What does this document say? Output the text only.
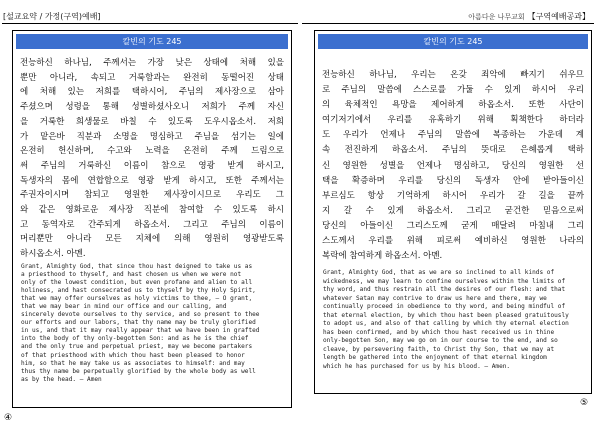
[설교요약 / 가정(구역)예배]
칼빈의 기도 245

전능하신 하나님, 주께서는 가장 낮은 상태에 처해 있을

뿐만 아니라, 속되고 거룩함과는 완전히 동떨어진 상태

에 처해 있는 저희를 택하시어, 주님의 제사장으로 삼아

주셨으며 성령을 통해 성별하셨사오니 저희가 주께 자신

을 거룩한 희생물로 바칠 수 있도록 도우시옵소서. 저희

가 맡은바 직분과 소명을 명심하고 주님을 섬기는 일에

온전히 헌신하며, 수고와 노력을 온전히 주께 드림으로

써 주님의 거룩하신 이름이 참으로 영광 받게 하시고,

독생자의 몸에 연합함으로 영광 받게 하시고, 또한 주께서는

주권자이시며 참되고 영원한 제사장이시므로 우리도 그

와 같은 영화로운 제사장 직분에 참여할 수 있도록 하시

고 동역자로 간주되게 하옵소서. 그리고 주님의 이름이

머리뿐만 아니라 모든 지체에 의해 영원히 영광받도록

하시옵소서. 아멘.

Grant, Almighty God, that since thou hast deigned to take us as

a priesthood to thyself, and hast chosen us when we were not

only of the lowest condition, but even profane and alien to all

holiness, and hast consecrated us to thyself by thy Holy Spirit,

that we may offer ourselves as holy victims to thee, — O grant,

that we may bear in mind our office and our calling, and

sincerely devote ourselves to thy service, and so present to thee

our efforts and our labors, that thy name may be truly glorified

in us, and that it may really appear that we have been in grafted

into the body of thy only-begotten Son: and as he is the chief

and the only true and perpetual priest, may we become partakers

of that priesthood with which thou hast been pleased to honor

him, so that he may take us as associates to himself: and may

thus thy name be perpetually glorified by the whole body as well

as by the head. — Amen

④
아름다운 나무교회 【구역예배공과】
칼빈의 기도 245

전능하신 하나님, 우리는 온갖 죄악에 빠지기 쉬우므

로 주님의 말씀에 스스로를 가둘 수 있게 하시어 우리

의 육체적인 욕망을 제어하게 하옵소서. 또한 사단이

여기저기에서 우리를 유혹하기 위해 획책한다 하더라

도 우리가 언제나 주님의 말씀에 복종하는 가운데 계

속 전진하게 하옵소서. 주님의 뜻대로 은혜롭게 택하

신 영원한 성별을 언제나 명심하고, 당신의 영원한 선

택을 확증하며 우리를 당신의 독생자 안에 받아들이신

부르심도 항상 기억하게 하시어 우리가 갈 길을 끝까

지 갈 수 있게 하옵소서. 그리고 굳건한 믿음으로써

당신의 아들이신 그리스도께 굳게 매달려 마침내 그리

스도께서 우리를 위해 피로써 예비하신 영원한 나라의

복락에 참여하게 하옵소서. 아멘.

Grant, Almighty God, that as we are so inclined to all kinds of

wickedness, we may learn to confine ourselves within the limits of

thy word, and thus restrain all the desires of our flesh: and that

whatever Satan may contrive to draw us here and there, may we

continually proceed in obedience to thy word, and being mindful of

that eternal election, by which thou hast been pleased gratuitously

to adopt us, and also of that calling by which thy eternal election

has been confirmed, and by which thou hast received us in thine

only-begotten Son, may we go on in our course to the end, and so

cleave, by persevering faith, to Christ thy Son, that we may at

length be gathered into the enjoyment of that eternal kingdom

which he has purchased for us by his blood. — Amen.

⑤
